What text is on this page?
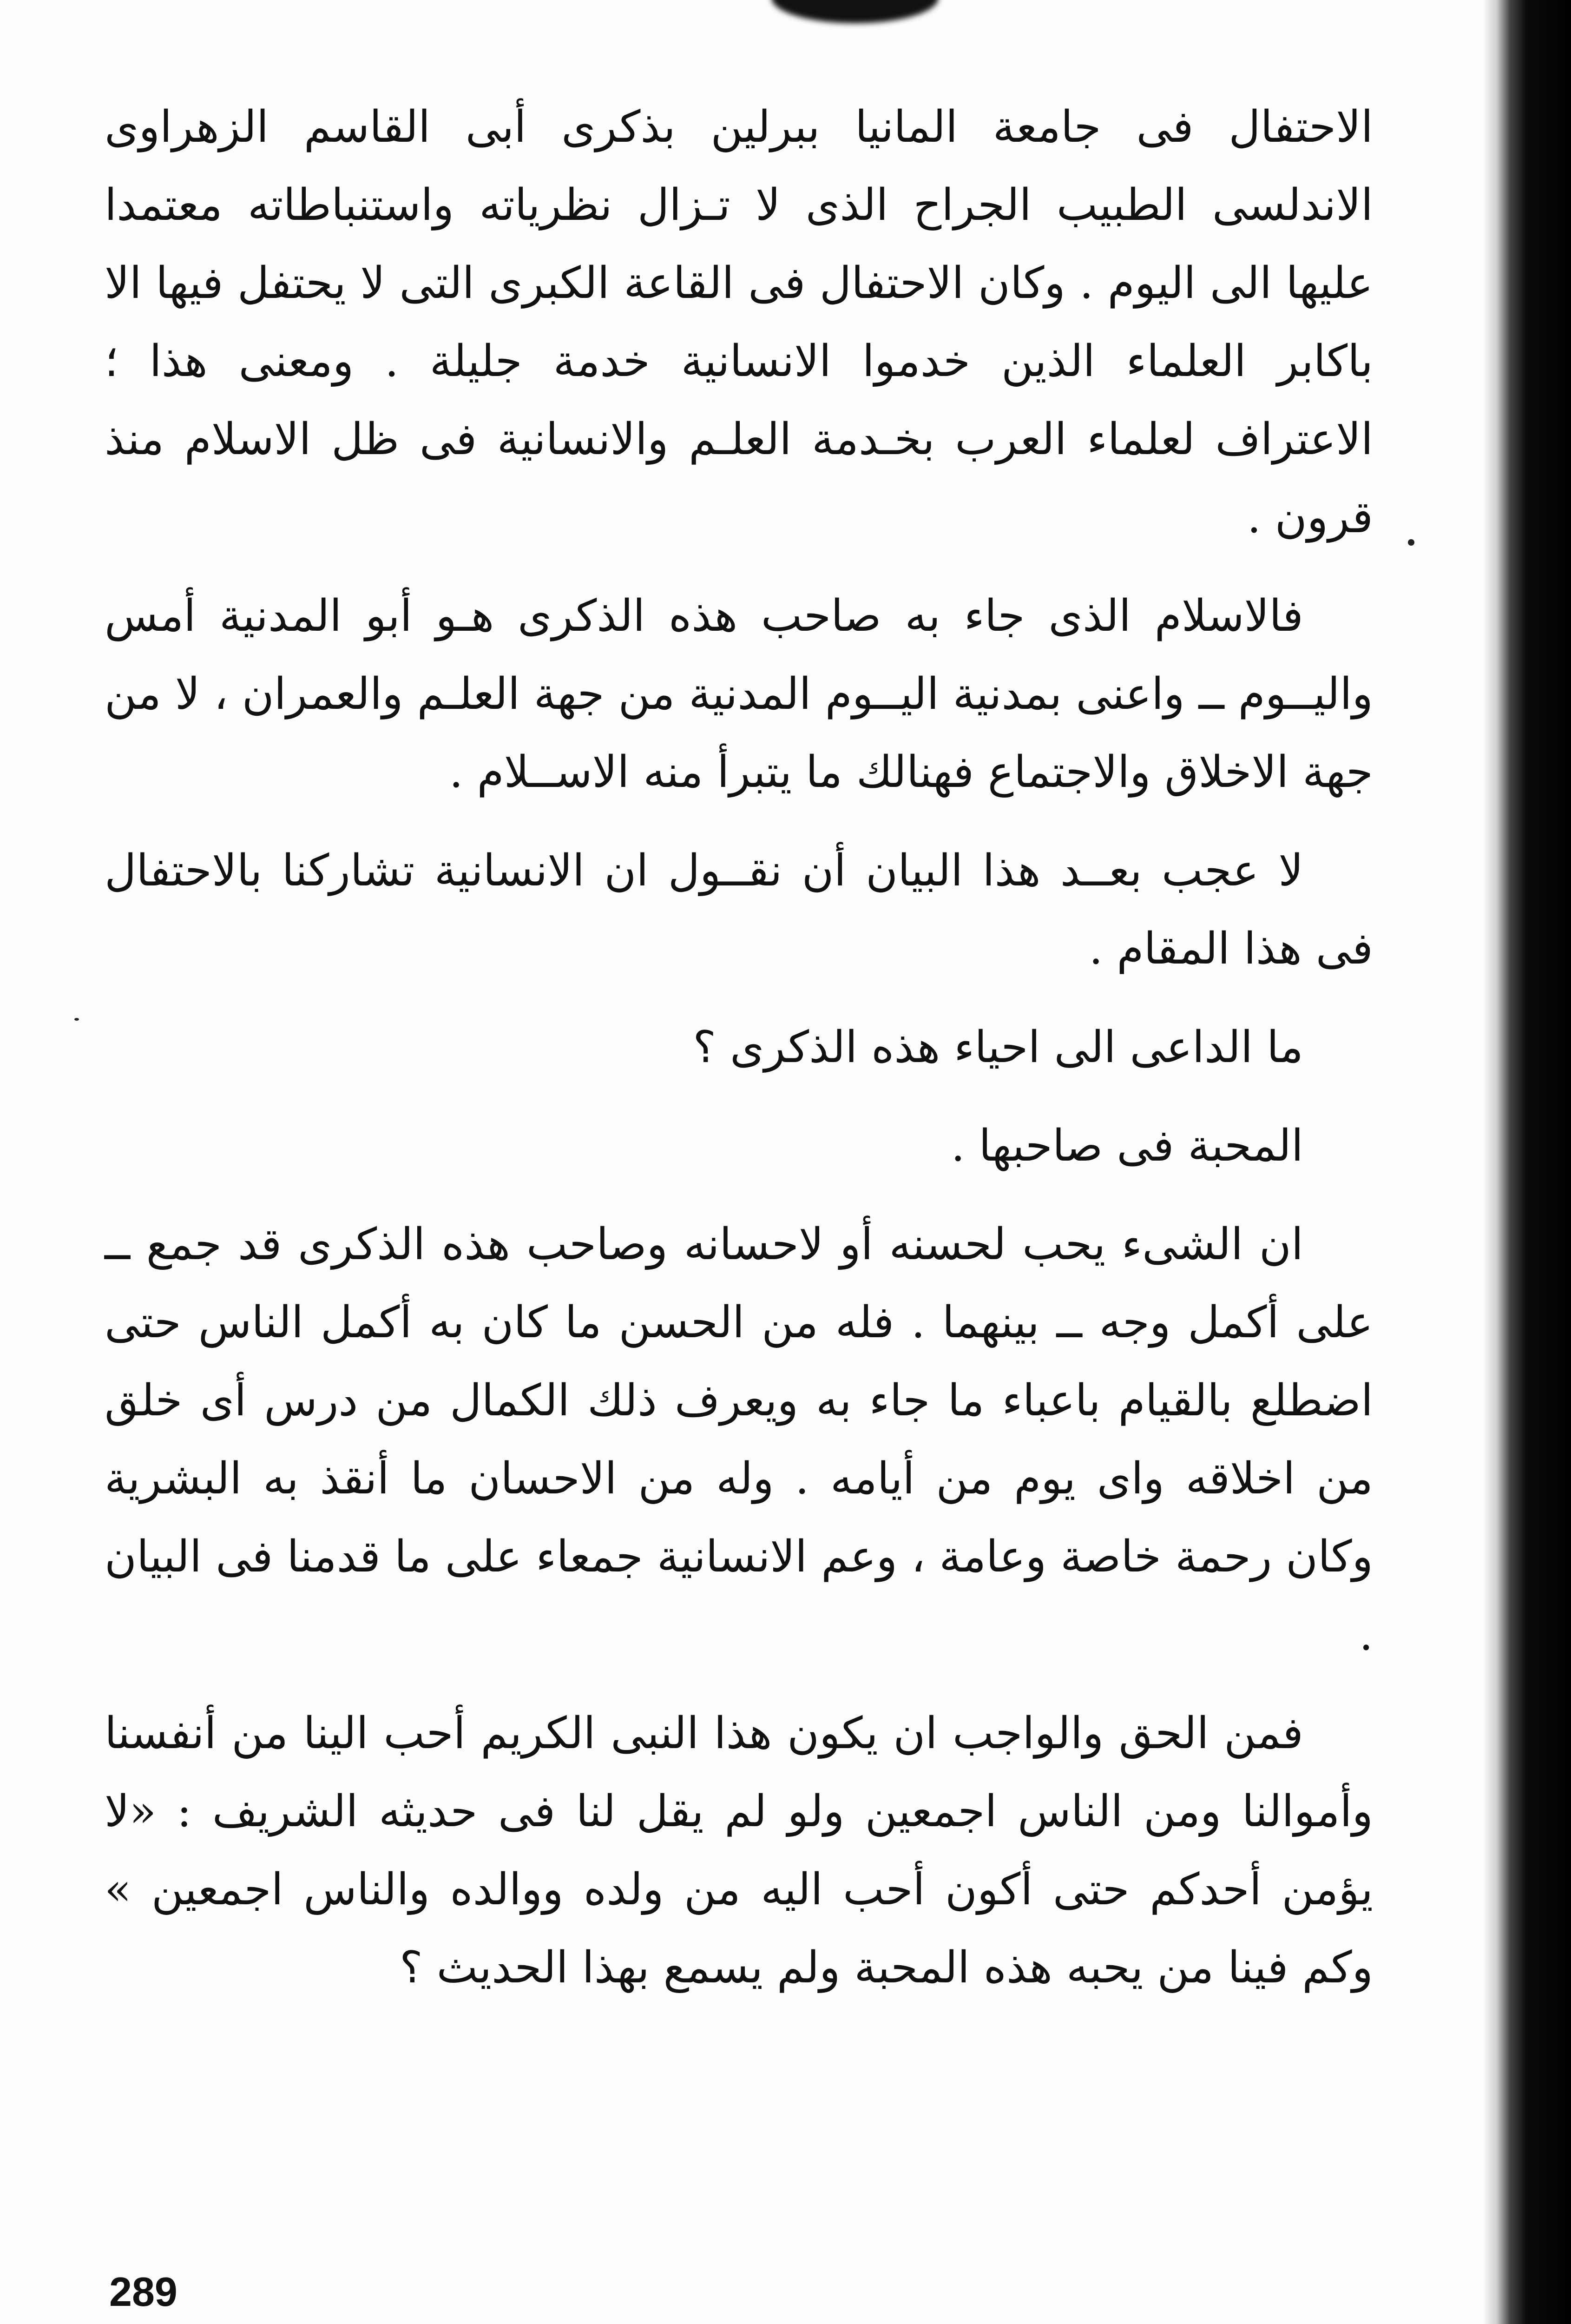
الاحتفال فى جامعة المانيا ببرلين بذكرى أبى القاسم الزهراوى الاندلسى الطبيب الجراح الذى لا تـزال نظرياته واستنباطاته معتمدا عليها الى اليوم . وكان الاحتفال فى القاعة الكبرى التى لا يحتفل فيها الا باكابر العلماء الذين خدموا الانسانية خدمة جليلة . ومعنى هذا ؛ الاعتراف لعلماء العرب بخـدمة العلـم والانسانية فى ظل الاسلام منذ قرون .

فالاسلام الذى جاء به صاحب هذه الذكرى هـو أبو المدنية أمس واليــوم ــ واعنى بمدنية اليــوم المدنية من جهة العلـم والعمران ، لا من جهة الاخلاق والاجتماع فهنالك ما يتبرأ منه الاســلام .

لا عجب بعــد هذا البيان أن نقــول ان الانسانية تشاركنا بالاحتفال فى هذا المقام .

ما الداعى الى احياء هذه الذكرى ؟

المحبة فى صاحبها .

ان الشىء يحب لحسنه أو لاحسانه وصاحب هذه الذكرى قد جمع ــ على أكمل وجه ــ بينهما . فله من الحسن ما كان به أكمل الناس حتى اضطلع بالقيام باعباء ما جاء به ويعرف ذلك الكمال من درس أى خلق من اخلاقه واى يوم من أيامه . وله من الاحسان ما أنقذ به البشرية وكان رحمة خاصة وعامة ، وعم الانسانية جمعاء على ما قدمنا فى البيان .

فمن الحق والواجب ان يكون هذا النبى الكريم أحب الينا من أنفسنا وأموالنا ومن الناس اجمعين ولو لم يقل لنا فى حديثه الشريف : «لا يؤمن أحدكم حتى أكون أحب اليه من ولده ووالده والناس اجمعين » وكم فينا من يحبه هذه المحبة ولم يسمع بهذا الحديث ؟

289
